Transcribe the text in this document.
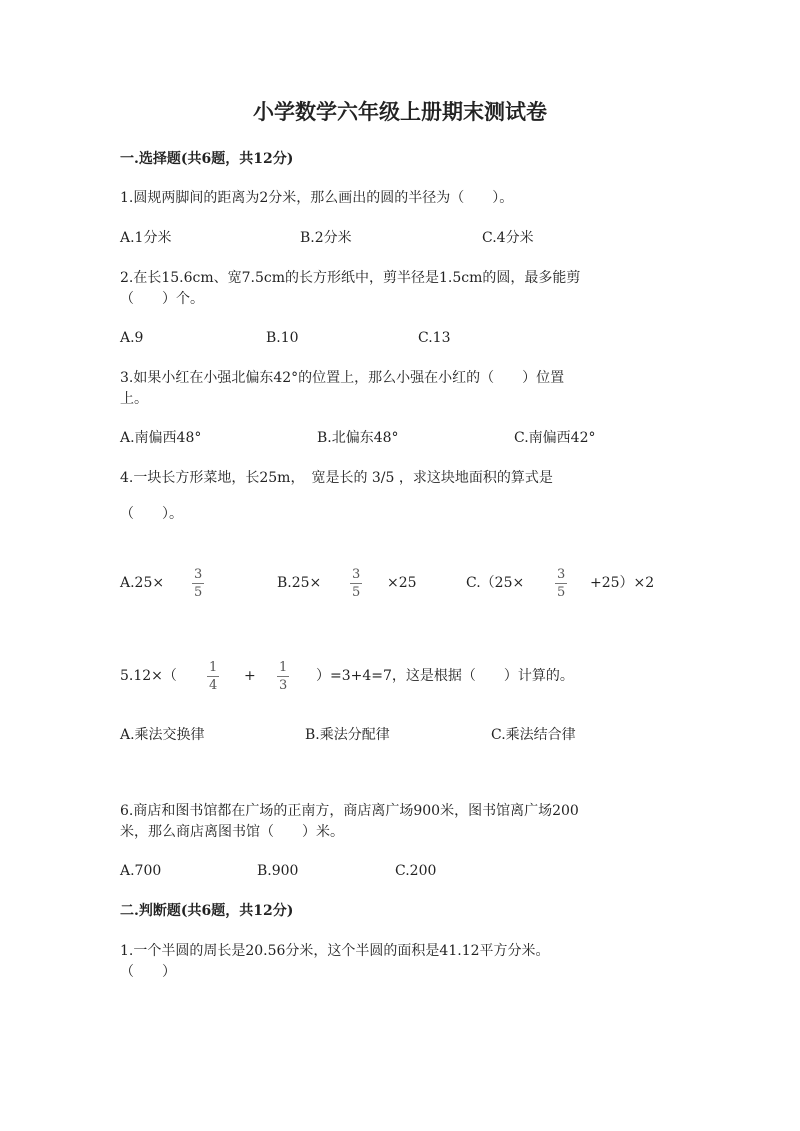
小学数学六年级上册期末测试卷
一.选择题(共6题，共12分)
1.圆规两脚间的距离为2分米，那么画出的圆的半径为（　　）。
A.1分米	B.2分米	C.4分米
2.在长15.6cm、宽7.5cm的长方形纸中，剪半径是1.5cm的圆，最多能剪
（　　）个。
A.9	B.10	C.13
3.如果小红在小强北偏东42°的位置上，那么小强在小红的（　　）位置
上。
A.南偏西48°	B.北偏东48°	C.南偏西42°
4.一块长方形菜地，长25m，　宽是长的 3/5 ，求这块地面积的算式是
（　　）。
A.25×
3
5
B.25×
3
5
×25	C.（25×
3
5
+25）×2
5.12×（
1
4
+
1
3
）=3+4=7，这是根据（　　）计算的。
A.乘法交换律	B.乘法分配律	C.乘法结合律
6.商店和图书馆都在广场的正南方，商店离广场900米，图书馆离广场200
米，那么商店离图书馆（　　）米。
A.700	B.900	C.200
二.判断题(共6题，共12分)
1.一个半圆的周长是20.56分米，这个半圆的面积是41.12平方分米。
（　　）
